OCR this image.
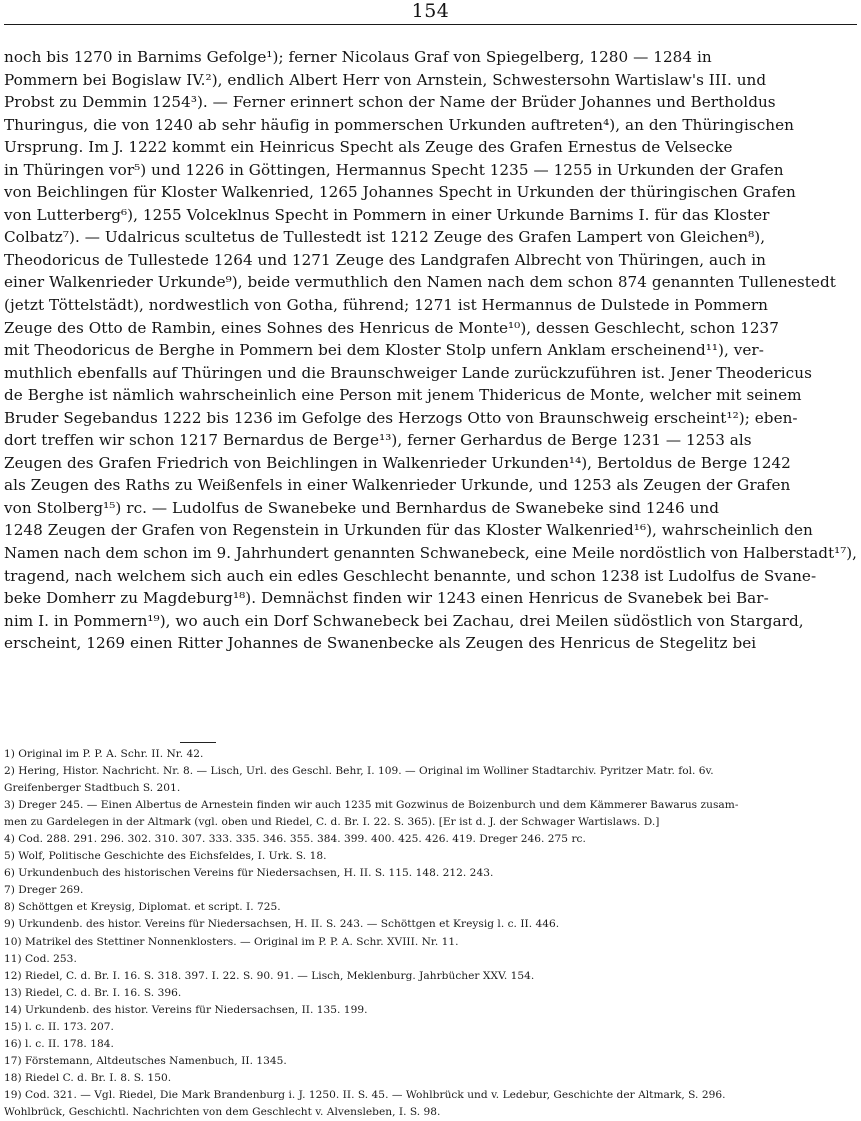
154
noch bis 1270 in Barnims Gefolge¹); ferner Nicolaus Graf von Spiegelberg, 1280 — 1284 in
Pommern bei Bogislaw IV.²), endlich Albert Herr von Arnstein, Schwestersohn Wartislaw's III. und
Probst zu Demmin 1254³). — Ferner erinnert schon der Name der Brüder Johannes und Bertholdus
Thuringus, die von 1240 ab sehr häufig in pommerschen Urkunden auftreten⁴), an den Thüringischen
Ursprung. Im J. 1222 kommt ein Heinricus Specht als Zeuge des Grafen Ernestus de Velsecke
in Thüringen vor⁵) und 1226 in Göttingen, Hermannus Specht 1235 — 1255 in Urkunden der Grafen
von Beichlingen für Kloster Walkenried, 1265 Johannes Specht in Urkunden der thüringischen Grafen
von Lutterberg⁶), 1255 Volceklnus Specht in Pommern in einer Urkunde Barnims I. für das Kloster
Colbatz⁷). — Udalricus scultetus de Tullestedt ist 1212 Zeuge des Grafen Lampert von Gleichen⁸),
Theodoricus de Tullestede 1264 und 1271 Zeuge des Landgrafen Albrecht von Thüringen, auch in
einer Walkenrieder Urkunde⁹), beide vermuthlich den Namen nach dem schon 874 genannten Tullenestedt
(jetzt Töttelstädt), nordwestlich von Gotha, führend; 1271 ist Hermannus de Dulstede in Pommern
Zeuge des Otto de Rambin, eines Sohnes des Henricus de Monte¹⁰), dessen Geschlecht, schon 1237
mit Theodoricus de Berghe in Pommern bei dem Kloster Stolp unfern Anklam erscheinend¹¹), ver-
muthlich ebenfalls auf Thüringen und die Braunschweiger Lande zurückzuführen ist. Jener Theodericus
de Berghe ist nämlich wahrscheinlich eine Person mit jenem Thidericus de Monte, welcher mit seinem
Bruder Segebandus 1222 bis 1236 im Gefolge des Herzogs Otto von Braunschweig erscheint¹²); eben-
dort treffen wir schon 1217 Bernardus de Berge¹³), ferner Gerhardus de Berge 1231 — 1253 als
Zeugen des Grafen Friedrich von Beichlingen in Walkenrieder Urkunden¹⁴), Bertoldus de Berge 1242
als Zeugen des Raths zu Weißenfels in einer Walkenrieder Urkunde, und 1253 als Zeugen der Grafen
von Stolberg¹⁵) rc. — Ludolfus de Swanebeke und Bernhardus de Swanebeke sind 1246 und
1248 Zeugen der Grafen von Regenstein in Urkunden für das Kloster Walkenried¹⁶), wahrscheinlich den
Namen nach dem schon im 9. Jahrhundert genannten Schwanebeck, eine Meile nordöstlich von Halberstadt¹⁷),
tragend, nach welchem sich auch ein edles Geschlecht benannte, und schon 1238 ist Ludolfus de Svane-
beke Domherr zu Magdeburg¹⁸). Demnächst finden wir 1243 einen Henricus de Svanebek bei Bar-
nim I. in Pommern¹⁹), wo auch ein Dorf Schwanebeck bei Zachau, drei Meilen südöstlich von Stargard,
erscheint, 1269 einen Ritter Johannes de Swanenbecke als Zeugen des Henricus de Stegelitz bei
1) Original im P. P. A. Schr. II. Nr. 42.
2) Hering, Histor. Nachricht. Nr. 8. — Lisch, Url. des Geschl. Behr, I. 109. — Original im Wolliner Stadtarchiv. Pyritzer Matr. fol. 6v.
Greifenberger Stadtbuch S. 201.
3) Dreger 245. — Einen Albertus de Arnestein finden wir auch 1235 mit Gozwinus de Boizenburch und dem Kämmerer Bawarus zusam-
men zu Gardelegen in der Altmark (vgl. oben und Riedel, C. d. Br. I. 22. S. 365). [Er ist d. J. der Schwager Wartislaws. D.]
4) Cod. 288. 291. 296. 302. 310. 307. 333. 335. 346. 355. 384. 399. 400. 425. 426. 419. Dreger 246. 275 rc.
5) Wolf, Politische Geschichte des Eichsfeldes, I. Urk. S. 18.
6) Urkundenbuch des historischen Vereins für Niedersachsen, H. II. S. 115. 148. 212. 243.
7) Dreger 269.
8) Schöttgen et Kreysig, Diplomat. et script. I. 725.
9) Urkundenb. des histor. Vereins für Niedersachsen, H. II. S. 243. — Schöttgen et Kreysig l. c. II. 446.
10) Matrikel des Stettiner Nonnenklosters. — Original im P. P. A. Schr. XVIII. Nr. 11.
11) Cod. 253.
12) Riedel, C. d. Br. I. 16. S. 318. 397. I. 22. S. 90. 91. — Lisch, Meklenburg. Jahrbücher XXV. 154.
13) Riedel, C. d. Br. I. 16. S. 396.
14) Urkundenb. des histor. Vereins für Niedersachsen, II. 135. 199.
15) l. c. II. 173. 207.
16) l. c. II. 178. 184.
17) Förstemann, Altdeutsches Namenbuch, II. 1345.
18) Riedel C. d. Br. I. 8. S. 150.
19) Cod. 321. — Vgl. Riedel, Die Mark Brandenburg i. J. 1250. II. S. 45. — Wohlbrück und v. Ledebur, Geschichte der Altmark, S. 296.
Wohlbrück, Geschichtl. Nachrichten von dem Geschlecht v. Alvensleben, I. S. 98.
